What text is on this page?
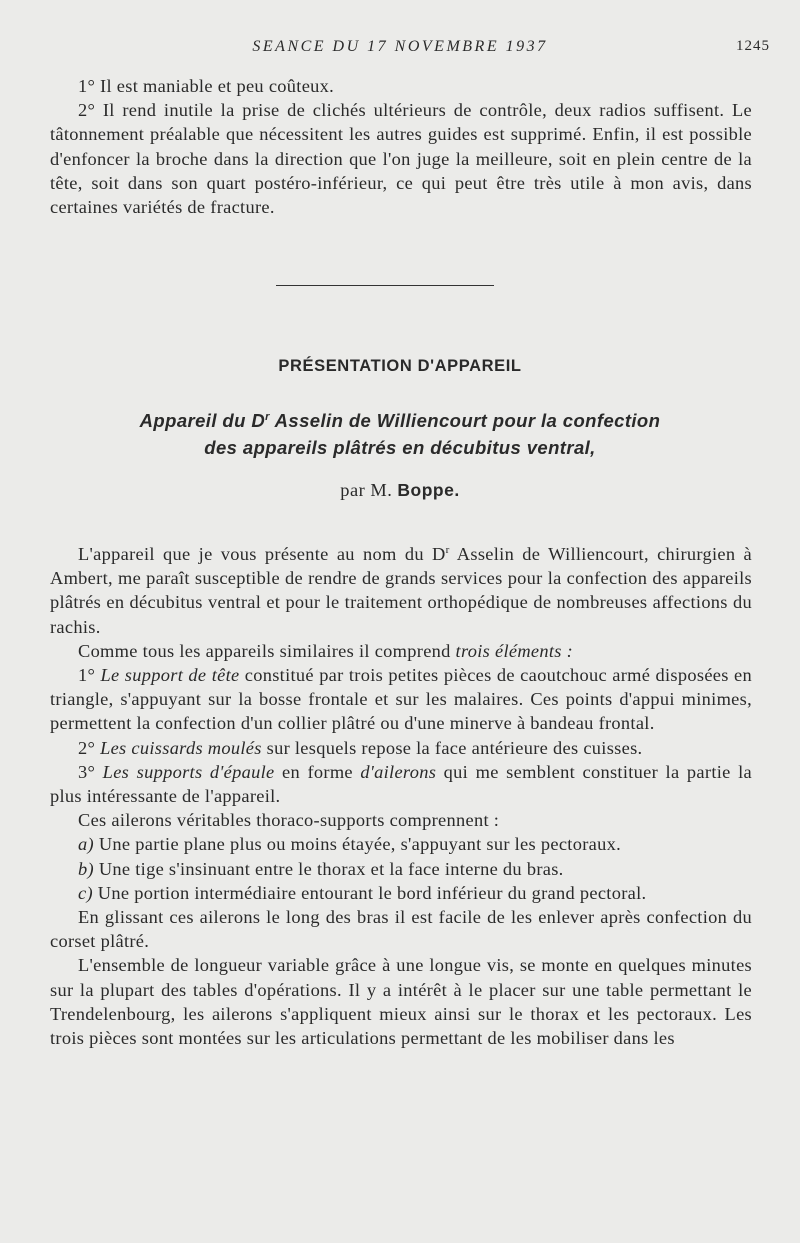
SEANCE DU 17 NOVEMBRE 1937	1245

1° Il est maniable et peu coûteux.

2° Il rend inutile la prise de clichés ultérieurs de contrôle, deux radios suffisent. Le tâtonnement préalable que nécessitent les autres guides est supprimé. Enfin, il est possible d'enfoncer la broche dans la direction que l'on juge la meilleure, soit en plein centre de la tête, soit dans son quart postéro-inférieur, ce qui peut être très utile à mon avis, dans certaines variétés de fracture.

PRÉSENTATION D'APPAREIL
Appareil du $D^r$ Asselin de Williencourt pour la confection
des appareils plâtrés en décubitus ventral,
par M. Boppe.

L'appareil que je vous présente au nom du $D^r$ Asselin de Williencourt, chirurgien à Ambert, me paraît susceptible de rendre de grands services pour la confection des appareils plâtrés en décubitus ventral et pour le traitement orthopédique de nombreuses affections du rachis.

Comme tous les appareils similaires il comprend trois éléments :

1° Le support de tête constitué par trois petites pièces de caoutchouc armé disposées en triangle, s'appuyant sur la bosse frontale et sur les malaires. Ces points d'appui minimes, permettent la confection d'un collier plâtré ou d'une minerve à bandeau frontal.

2° Les cuissards moulés sur lesquels repose la face antérieure des cuisses.

3° Les supports d'épaule en forme d'ailerons qui me semblent constituer la partie la plus intéressante de l'appareil.

Ces ailerons véritables thoraco-supports comprennent :

a) Une partie plane plus ou moins étayée, s'appuyant sur les pectoraux.

b) Une tige s'insinuant entre le thorax et la face interne du bras.

c) Une portion intermédiaire entourant le bord inférieur du grand pectoral.

En glissant ces ailerons le long des bras il est facile de les enlever après confection du corset plâtré.

L'ensemble de longueur variable grâce à une longue vis, se monte en quelques minutes sur la plupart des tables d'opérations. Il y a intérêt à le placer sur une table permettant le Trendelenbourg, les ailerons s'appliquent mieux ainsi sur le thorax et les pectoraux. Les trois pièces sont montées sur les articulations permettant de les mobiliser dans les
